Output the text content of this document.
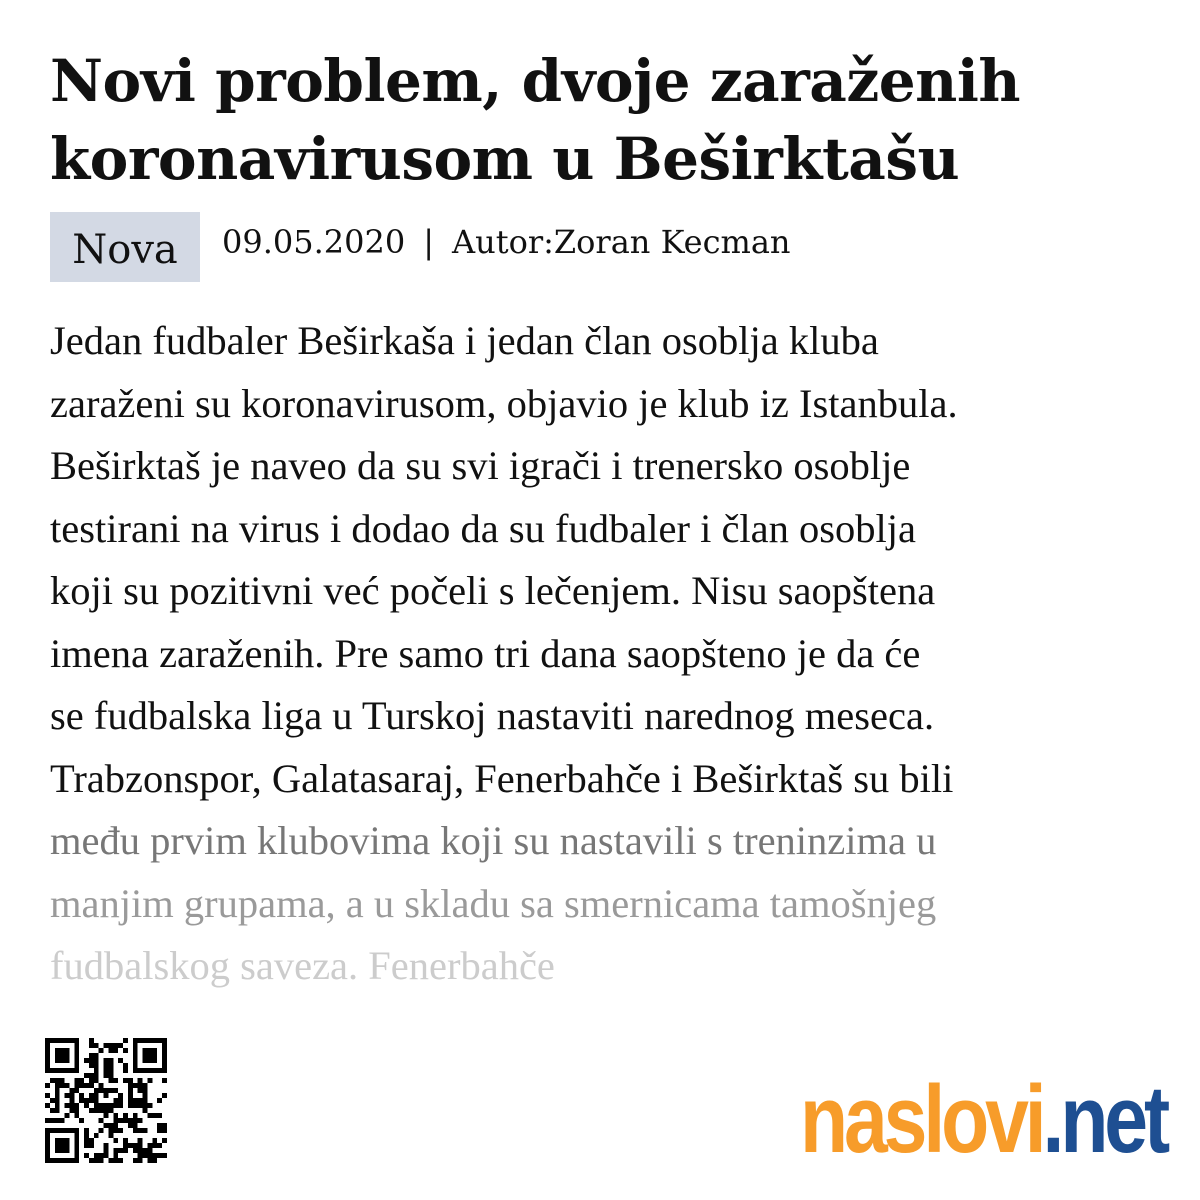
Novi problem, dvoje zaraženih koronavirusom u Beširktašu
Nova	09.05.2020 | Autor:Zoran Kecman
Jedan fudbaler Beširkaša i jedan član osoblja kluba
zaraženi su koronavirusom, objavio je klub iz Istanbula.
Beširktaš je naveo da su svi igrači i trenersko osoblje
testirani na virus i dodao da su fudbaler i član osoblja
koji su pozitivni već počeli s lečenjem. Nisu saopštena
imena zaraženih. Pre samo tri dana saopšteno je da će
se fudbalska liga u Turskoj nastaviti narednog meseca.
Trabzonspor, Galatasaraj, Fenerbahče i Beširktaš su bili
među prvim klubovima koji su nastavili s treninzima u
manjim grupama, a u skladu sa smernicama tamošnjeg
fudbalskog saveza. Fenerbahče
naslovi .net
